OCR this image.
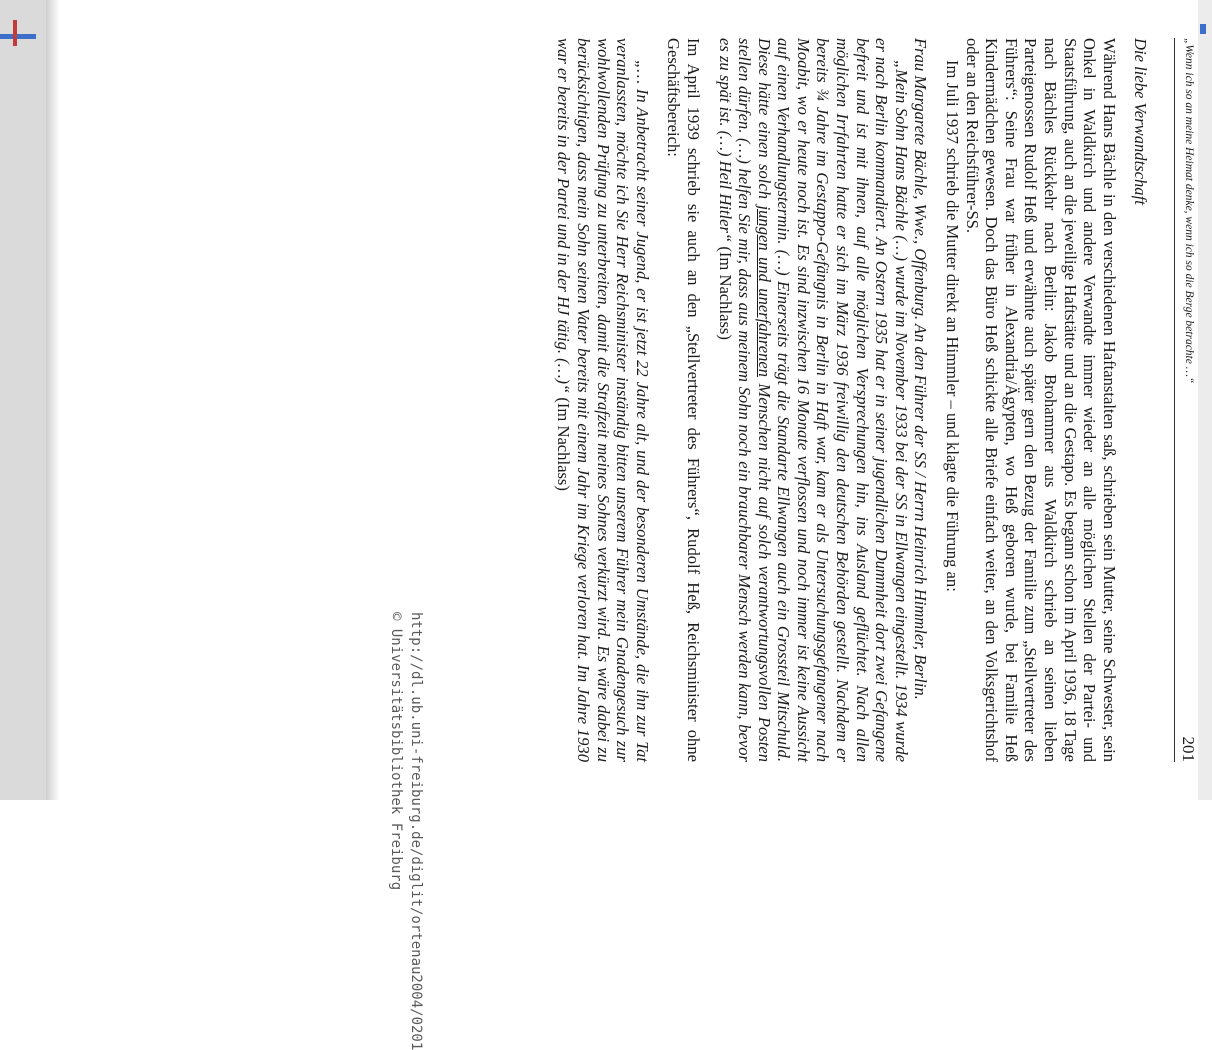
http://dl.ub.uni-freiburg.de/diglit/ortenau2004/0201
© Universitätsbibliothek Freiburg
„Wenn ich so an meine Heimat denke, wenn ich so die Berge betrachte …“
201
Die liebe Verwandtschaft

Während Hans Bächle in den verschiedenen Haftanstalten saß, schrieben sein Mutter, seine Schwester, sein Onkel in Waldkirch und andere Verwandte immer wieder an alle möglichen Stellen der Partei- und Staatsführung, auch an die jeweilige Haftstätte und an die Gestapo. Es begann schon im April 1936, 18 Tage nach Bächles Rückkehr nach Berlin: Jakob Brohammer aus Waldkirch schrieb an seinen lieben Parteigenossen Rudolf Heß und erwähnte auch später gern den Bezug der Familie zum „Stellvertreter des Führers“: Seine Frau war früher in Alexandria/Ägypten, wo Heß geboren wurde, bei Familie Heß Kindermädchen gewesen. Doch das Büro Heß schickte alle Briefe einfach weiter, an den Volksgerichtshof oder an den Reichsführer-SS.

Im Juli 1937 schrieb die Mutter direkt an Himmler – und klagte die Führung an:

Frau Margarete Bächle, Wwe., Offenburg. An den Führer der SS / Herrn Heinrich Himmler, Berlin.

„Mein Sohn Hans Bächle (…) wurde im November 1933 bei der SS in Ellwangen eingestellt. 1934 wurde er nach Berlin kommandiert. An Ostern 1935 hat er in seiner jugendlichen Dummheit dort zwei Gefangene befreit und ist mit ihnen, auf alle möglichen Versprechungen hin, ins Ausland geflüchtet. Nach allen möglichen Irrfahrten hatte er sich im März 1936 freiwillig den deutschen Behörden gestellt. Nachdem er bereits ¾ Jahre im Gestappo-Gefängnis in Berlin in Haft war, kam er als Untersuchungsgefangener nach Moabit, wo er heute noch ist. Es sind inzwischen 16 Monate verflossen und noch immer ist keine Aussicht auf einen Verhandlungstermin. (…) Einerseits trägt die Standarte Ellwangen auch ein Grossteil Mitschuld. Diese hätte einen solch jungen und unerfahrenen Menschen nicht auf solch verantwortungsvollen Posten stellen dürfen. (…) helfen Sie mir, dass aus meinem Sohn noch ein brauchbarer Mensch werden kann, bevor es zu spät ist. (…) Heil Hitler“ (Im Nachlass)

Im April 1939 schrieb sie auch an den „Stellvertreter des Führers“, Rudolf Heß, Reichsminister ohne Geschäftsbereich:

„… In Anbetracht seiner Jugend, er ist jetzt 22 Jahre alt, und der besonderen Umstände, die ihn zur Tat veranlassten, möchte ich Sie Herr Reichsminister inständig bitten unserem Führer mein Gnadengesuch zur wohlwollenden Prüfung zu unterbreiten, damit die Strafzeit meines Sohnes verkürzt wird. Es wäre dabei zu berücksichtigen, dass mein Sohn seinen Vater bereits mit einem Jahr im Kriege verloren hat. Im Jahre 1930 war er bereits in der Partei und in der HJ tätig. (…)“ (Im Nachlass)
